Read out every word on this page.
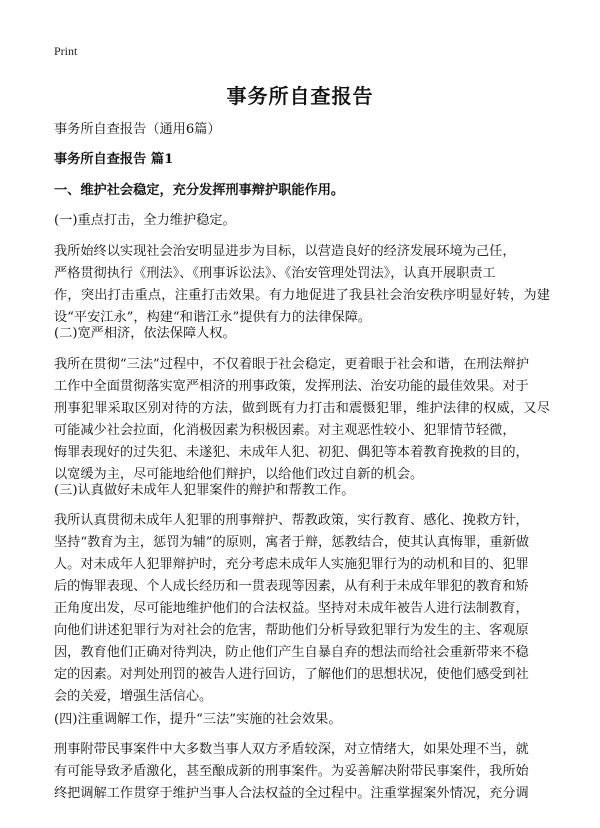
Print
事务所自查报告
事务所自查报告（通用6篇）
事务所自查报告 篇1
一、维护社会稳定，充分发挥刑事辩护职能作用。
(一)重点打击，全力维护稳定。
我所始终以实现社会治安明显进步为目标，以营造良好的经济发展环境为己任，
严格贯彻执行《刑法》、《刑事诉讼法》、《治安管理处罚法》，认真开展职责工
作，突出打击重点，注重打击效果。有力地促进了我县社会治安秩序明显好转，为建设“平安江永”，构建“和谐江永”提供有力的法律保障。
(二)宽严相济，依法保障人权。
我所在贯彻“三法”过程中，不仅着眼于社会稳定，更着眼于社会和谐，在刑法辩护
工作中全面贯彻落实宽严相济的刑事政策，发挥刑法、治安功能的最佳效果。对于
刑事犯罪采取区别对待的方法，做到既有力打击和震慑犯罪，维护法律的权威，又尽可能减少社会拉面，化消极因素为积极因素。对主观恶性较小、犯罪情节轻微，
悔罪表现好的过失犯、未遂犯、未成年人犯、初犯、偶犯等本着教育挽救的目的，
以宽缓为主，尽可能地给他们辩护，以给他们改过自新的机会。
(三)认真做好未成年人犯罪案件的辩护和帮教工作。
我所认真贯彻未成年人犯罪的刑事辩护、帮教政策，实行教育、感化、挽救方针，
坚持“教育为主，惩罚为辅”的原则，寓者于辩，惩教结合，使其认真悔罪，重新做
人。对未成年人犯罪辩护时，充分考虑未成年人实施犯罪行为的动机和目的、犯罪
后的悔罪表现、个人成长经历和一贯表现等因素，从有利于未成年罪犯的教育和矫
正角度出发，尽可能地维护他们的合法权益。坚持对未成年被告人进行法制教育，
向他们讲述犯罪行为对社会的危害，帮助他们分析导致犯罪行为发生的主、客观原
因，教育他们正确对待判决，防止他们产生自暴自弃的想法而给社会重新带来不稳
定的因素。对判处刑罚的被告人进行回访，了解他们的思想状况，使他们感受到社
会的关爱，增强生活信心。
(四)注重调解工作，提升“三法”实施的社会效果。
刑事附带民事案件中大多数当事人双方矛盾较深，对立情绪大，如果处理不当，就
有可能导致矛盾激化，甚至酿成新的刑事案件。为妥善解决附带民事案件，我所始
终把调解工作贯穿于维护当事人合法权益的全过程中。注重掌握案外情况，充分调
